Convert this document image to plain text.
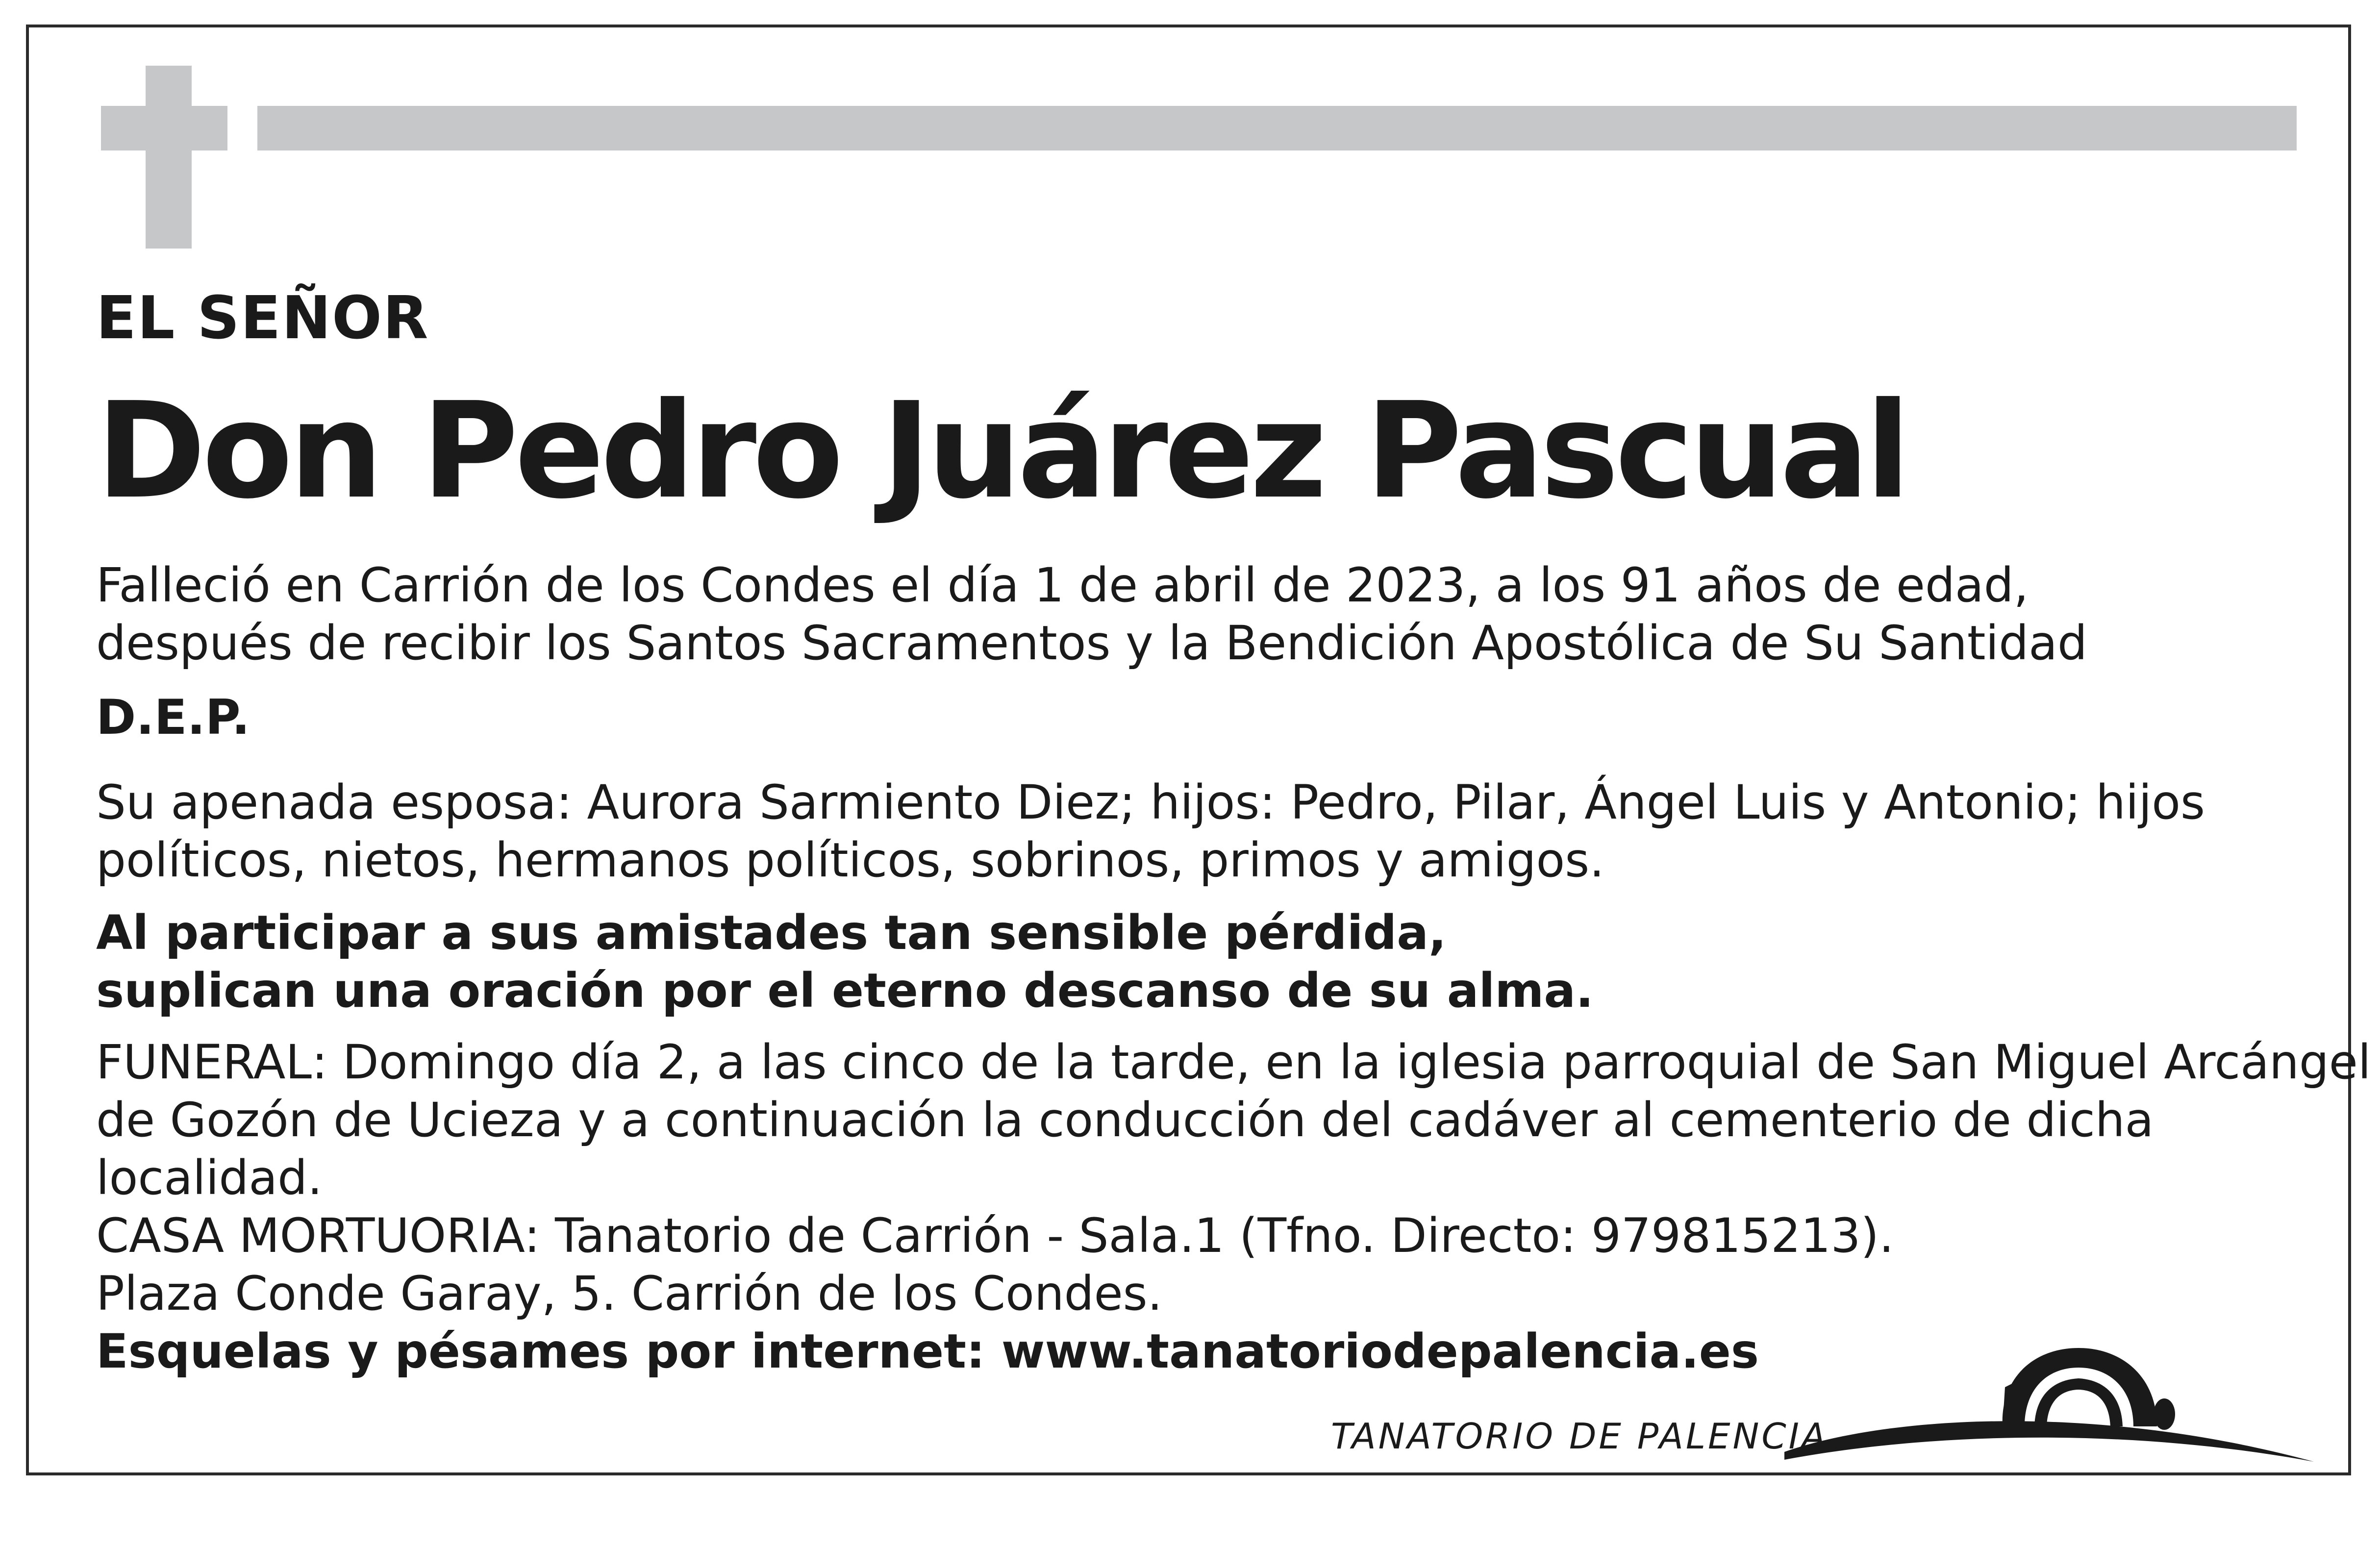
EL SEÑOR
Don Pedro Juárez Pascual
Falleció en Carrión de los Condes el día 1 de abril de 2023, a los 91 años de edad,
después de recibir los Santos Sacramentos y la Bendición Apostólica de Su Santidad
D.E.P.
Su apenada esposa: Aurora Sarmiento Diez; hijos: Pedro, Pilar, Ángel Luis y Antonio; hijos
políticos, nietos, hermanos políticos, sobrinos, primos y amigos.
Al participar a sus amistades tan sensible pérdida,
suplican una oración por el eterno descanso de su alma.
FUNERAL: Domingo día 2, a las cinco de la tarde, en la iglesia parroquial de San Miguel Arcángel
de Gozón de Ucieza y a continuación la conducción del cadáver al cementerio de dicha
localidad.
CASA MORTUORIA: Tanatorio de Carrión - Sala.1 (Tfno. Directo: 979815213).
Plaza Conde Garay, 5. Carrión de los Condes.
Esquelas y pésames por internet: www.tanatoriodepalencia.es
TANATORIO DE PALENCIA
